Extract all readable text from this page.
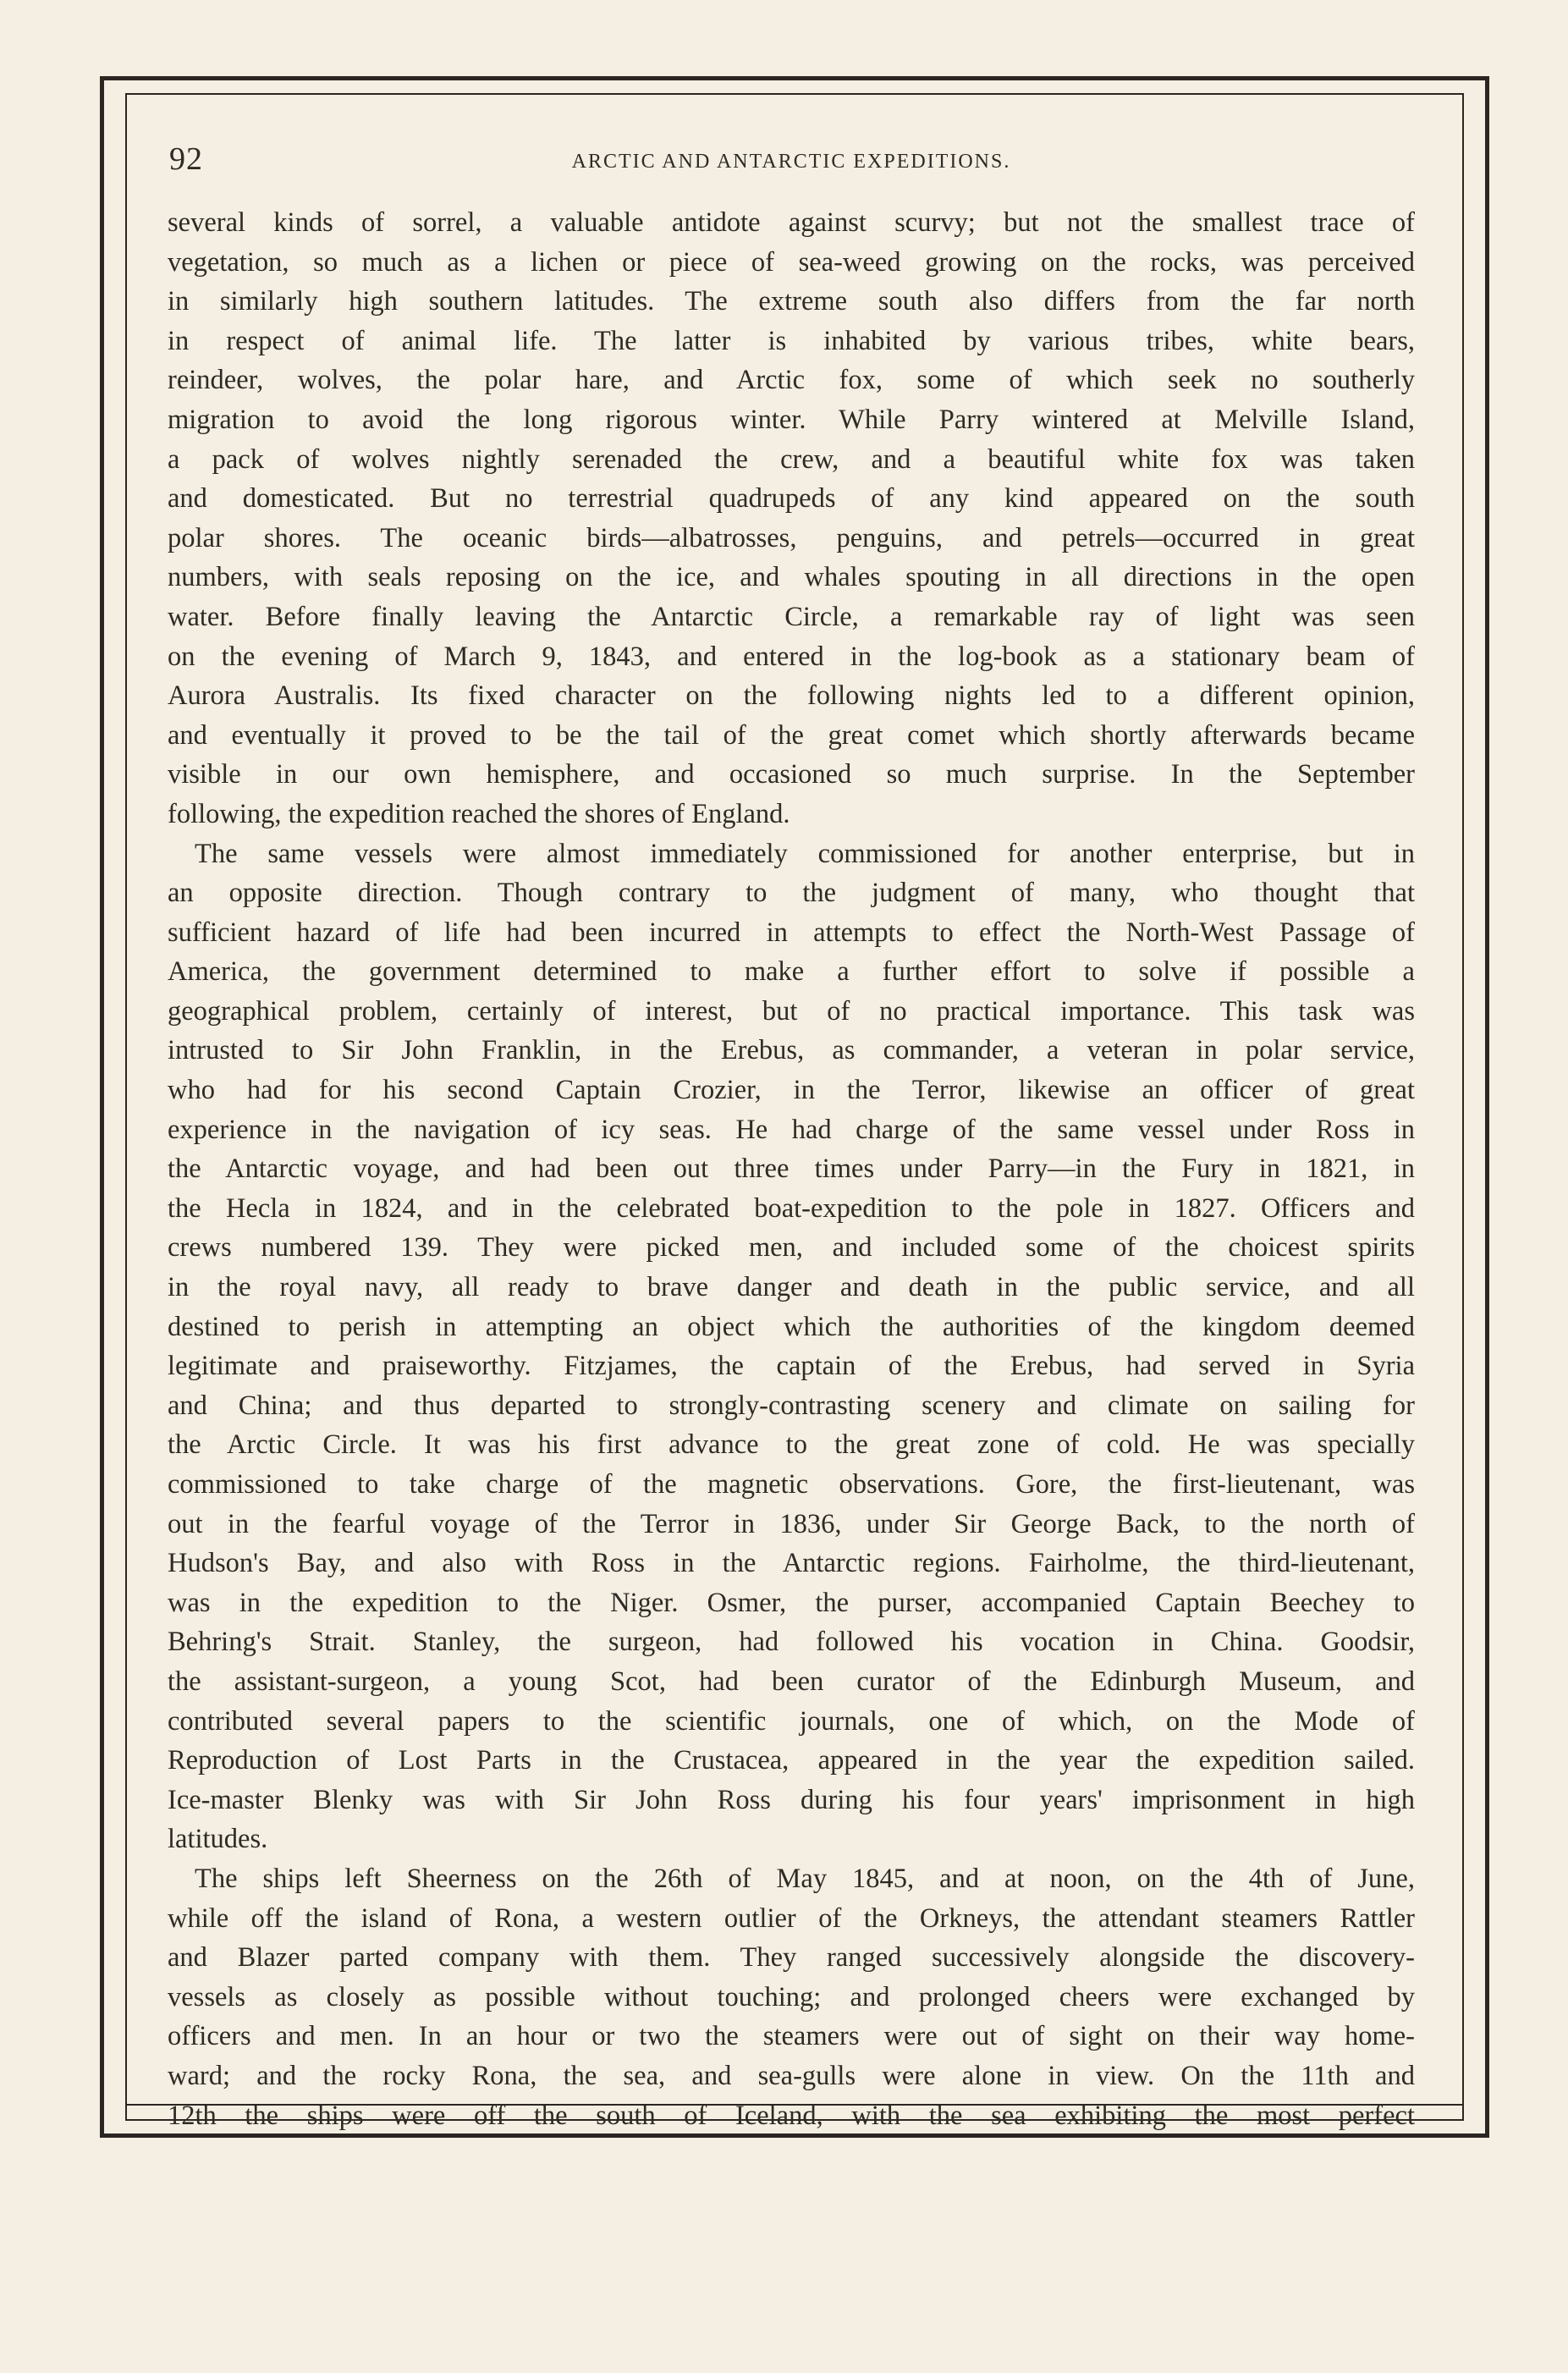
92	ARCTIC AND ANTARCTIC EXPEDITIONS.
several kinds of sorrel, a valuable antidote against scurvy; but not the smallest trace of
vegetation, so much as a lichen or piece of sea-weed growing on the rocks, was perceived
in similarly high southern latitudes. The extreme south also differs from the far north
in respect of animal life. The latter is inhabited by various tribes, white bears,
reindeer, wolves, the polar hare, and Arctic fox, some of which seek no southerly
migration to avoid the long rigorous winter. While Parry wintered at Melville Island,
a pack of wolves nightly serenaded the crew, and a beautiful white fox was taken
and domesticated. But no terrestrial quadrupeds of any kind appeared on the south
polar shores. The oceanic birds—albatrosses, penguins, and petrels—occurred in great
numbers, with seals reposing on the ice, and whales spouting in all directions in the open
water. Before finally leaving the Antarctic Circle, a remarkable ray of light was seen
on the evening of March 9, 1843, and entered in the log-book as a stationary beam of
Aurora Australis. Its fixed character on the following nights led to a different opinion,
and eventually it proved to be the tail of the great comet which shortly afterwards became
visible in our own hemisphere, and occasioned so much surprise. In the September
following, the expedition reached the shores of England.
The same vessels were almost immediately commissioned for another enterprise, but in
an opposite direction. Though contrary to the judgment of many, who thought that
sufficient hazard of life had been incurred in attempts to effect the North-West Passage of
America, the government determined to make a further effort to solve if possible a
geographical problem, certainly of interest, but of no practical importance. This task was
intrusted to Sir John Franklin, in the Erebus, as commander, a veteran in polar service,
who had for his second Captain Crozier, in the Terror, likewise an officer of great
experience in the navigation of icy seas. He had charge of the same vessel under Ross in
the Antarctic voyage, and had been out three times under Parry—in the Fury in 1821, in
the Hecla in 1824, and in the celebrated boat-expedition to the pole in 1827. Officers and
crews numbered 139. They were picked men, and included some of the choicest spirits
in the royal navy, all ready to brave danger and death in the public service, and all
destined to perish in attempting an object which the authorities of the kingdom deemed
legitimate and praiseworthy. Fitzjames, the captain of the Erebus, had served in Syria
and China; and thus departed to strongly-contrasting scenery and climate on sailing for
the Arctic Circle. It was his first advance to the great zone of cold. He was specially
commissioned to take charge of the magnetic observations. Gore, the first-lieutenant, was
out in the fearful voyage of the Terror in 1836, under Sir George Back, to the north of
Hudson's Bay, and also with Ross in the Antarctic regions. Fairholme, the third-lieutenant,
was in the expedition to the Niger. Osmer, the purser, accompanied Captain Beechey to
Behring's Strait. Stanley, the surgeon, had followed his vocation in China. Goodsir,
the assistant-surgeon, a young Scot, had been curator of the Edinburgh Museum, and
contributed several papers to the scientific journals, one of which, on the Mode of
Reproduction of Lost Parts in the Crustacea, appeared in the year the expedition sailed.
Ice-master Blenky was with Sir John Ross during his four years' imprisonment in high
latitudes.
The ships left Sheerness on the 26th of May 1845, and at noon, on the 4th of June,
while off the island of Rona, a western outlier of the Orkneys, the attendant steamers Rattler
and Blazer parted company with them. They ranged successively alongside the discovery-
vessels as closely as possible without touching; and prolonged cheers were exchanged by
officers and men. In an hour or two the steamers were out of sight on their way home-
ward; and the rocky Rona, the sea, and sea-gulls were alone in view. On the 11th and
12th the ships were off the south of Iceland, with the sea exhibiting the most perfect
